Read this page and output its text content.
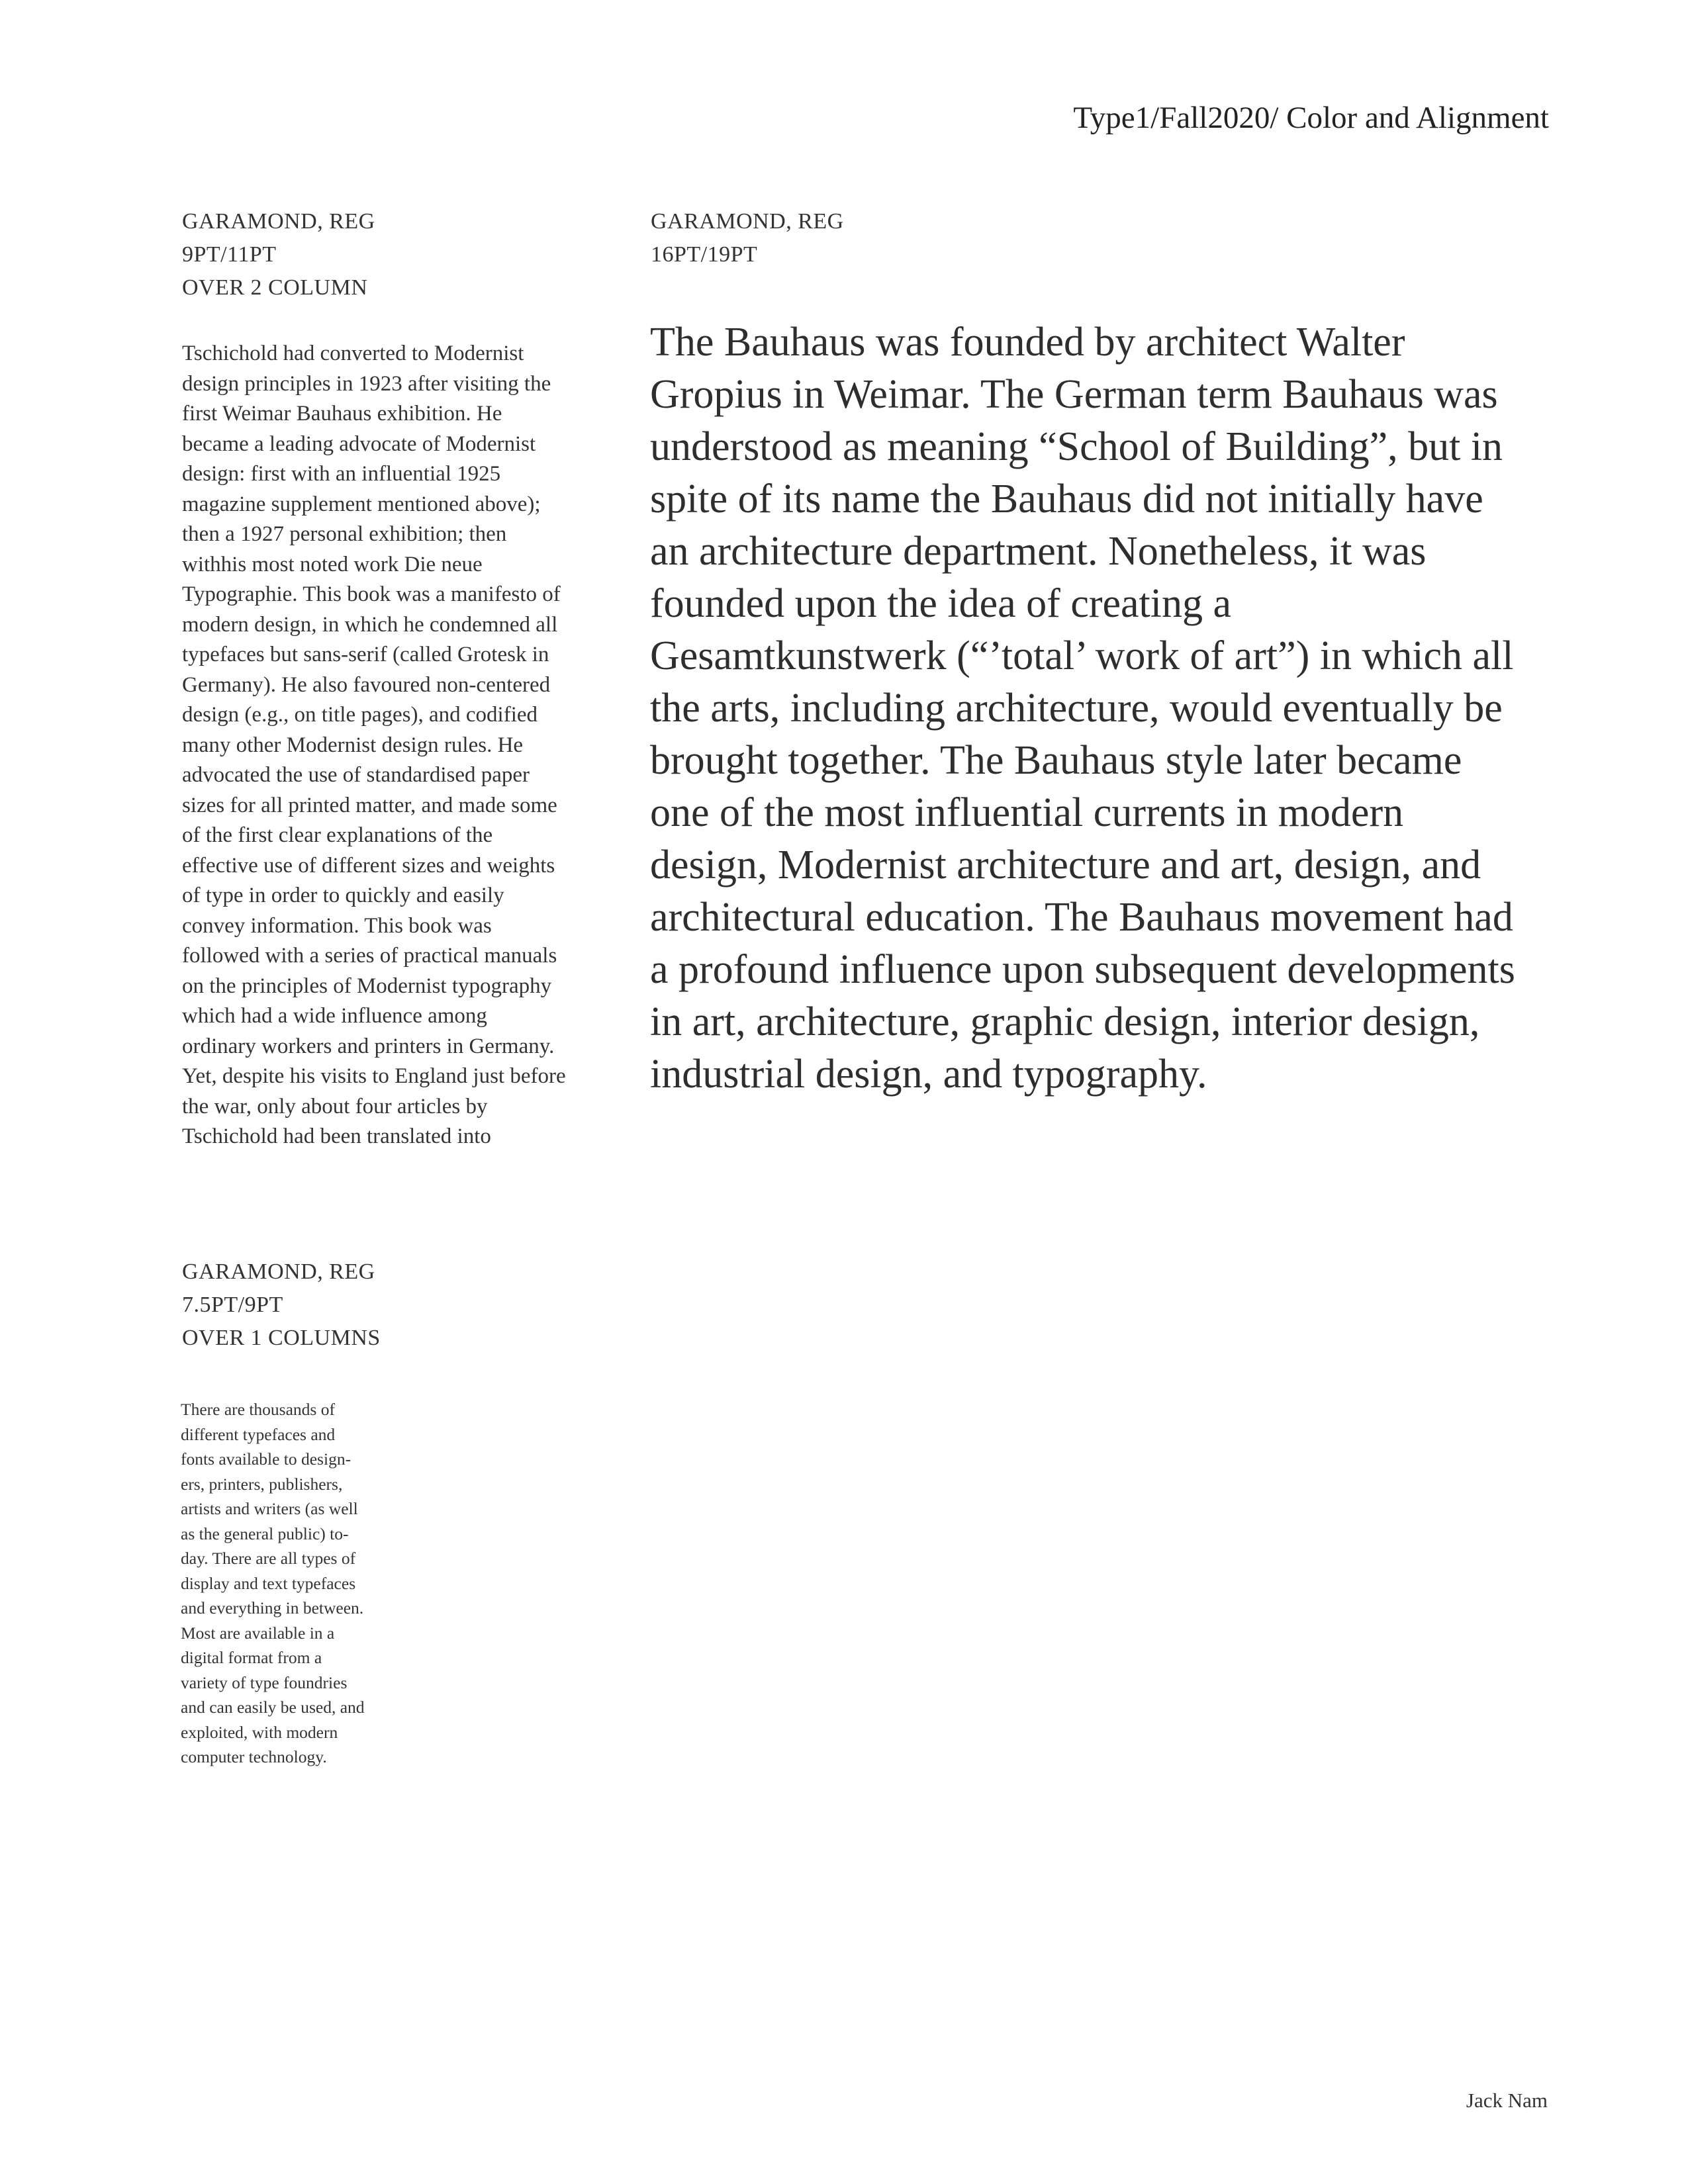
Type1/Fall2020/ Color and Alignment
GARAMOND, REG
9PT/11PT
OVER 2 COLUMN
GARAMOND, REG
16PT/19PT
Tschichold had converted to Modernist
design principles in 1923 after visiting the
first Weimar Bauhaus exhibition. He
became a leading advocate of Modernist
design: first with an influential 1925
magazine supplement mentioned above);
then a 1927 personal exhibition; then
withhis most noted work Die neue
Typographie. This book was a manifesto of
modern design, in which he condemned all
typefaces but sans-serif (called Grotesk in
Germany). He also favoured non-centered
design (e.g., on title pages), and codified
many other Modernist design rules. He
advocated the use of standardised paper
sizes for all printed matter, and made some
of the first clear explanations of the
effective use of different sizes and weights
of type in order to quickly and easily
convey information. This book was
followed with a series of practical manuals
on the principles of Modernist typography
which had a wide influence among
ordinary workers and printers in Germany.
Yet, despite his visits to England just before
the war, only about four articles by
Tschichold had been translated into
The Bauhaus was founded by architect Walter
Gropius in Weimar. The German term Bauhaus was
understood as meaning “School of Building”, but in
spite of its name the Bauhaus did not initially have
an architecture department. Nonetheless, it was
founded upon the idea of creating a
Gesamtkunstwerk (“’total’ work of art”) in which all
the arts, including architecture, would eventually be
brought together. The Bauhaus style later became
one of the most influential currents in modern
design, Modernist architecture and art, design, and
architectural education. The Bauhaus movement had
a profound influence upon subsequent developments
in art, architecture, graphic design, interior design,
industrial design, and typography.
GARAMOND, REG
7.5PT/9PT
OVER 1 COLUMNS
There are thousands of
different typefaces and
fonts available to design-
ers, printers, publishers,
artists and writers (as well
as the general public) to-
day. There are all types of
display and text typefaces
and everything in between.
Most are available in a
digital format from a
variety of type foundries
and can easily be used, and
exploited, with modern
computer technology.
Jack Nam
